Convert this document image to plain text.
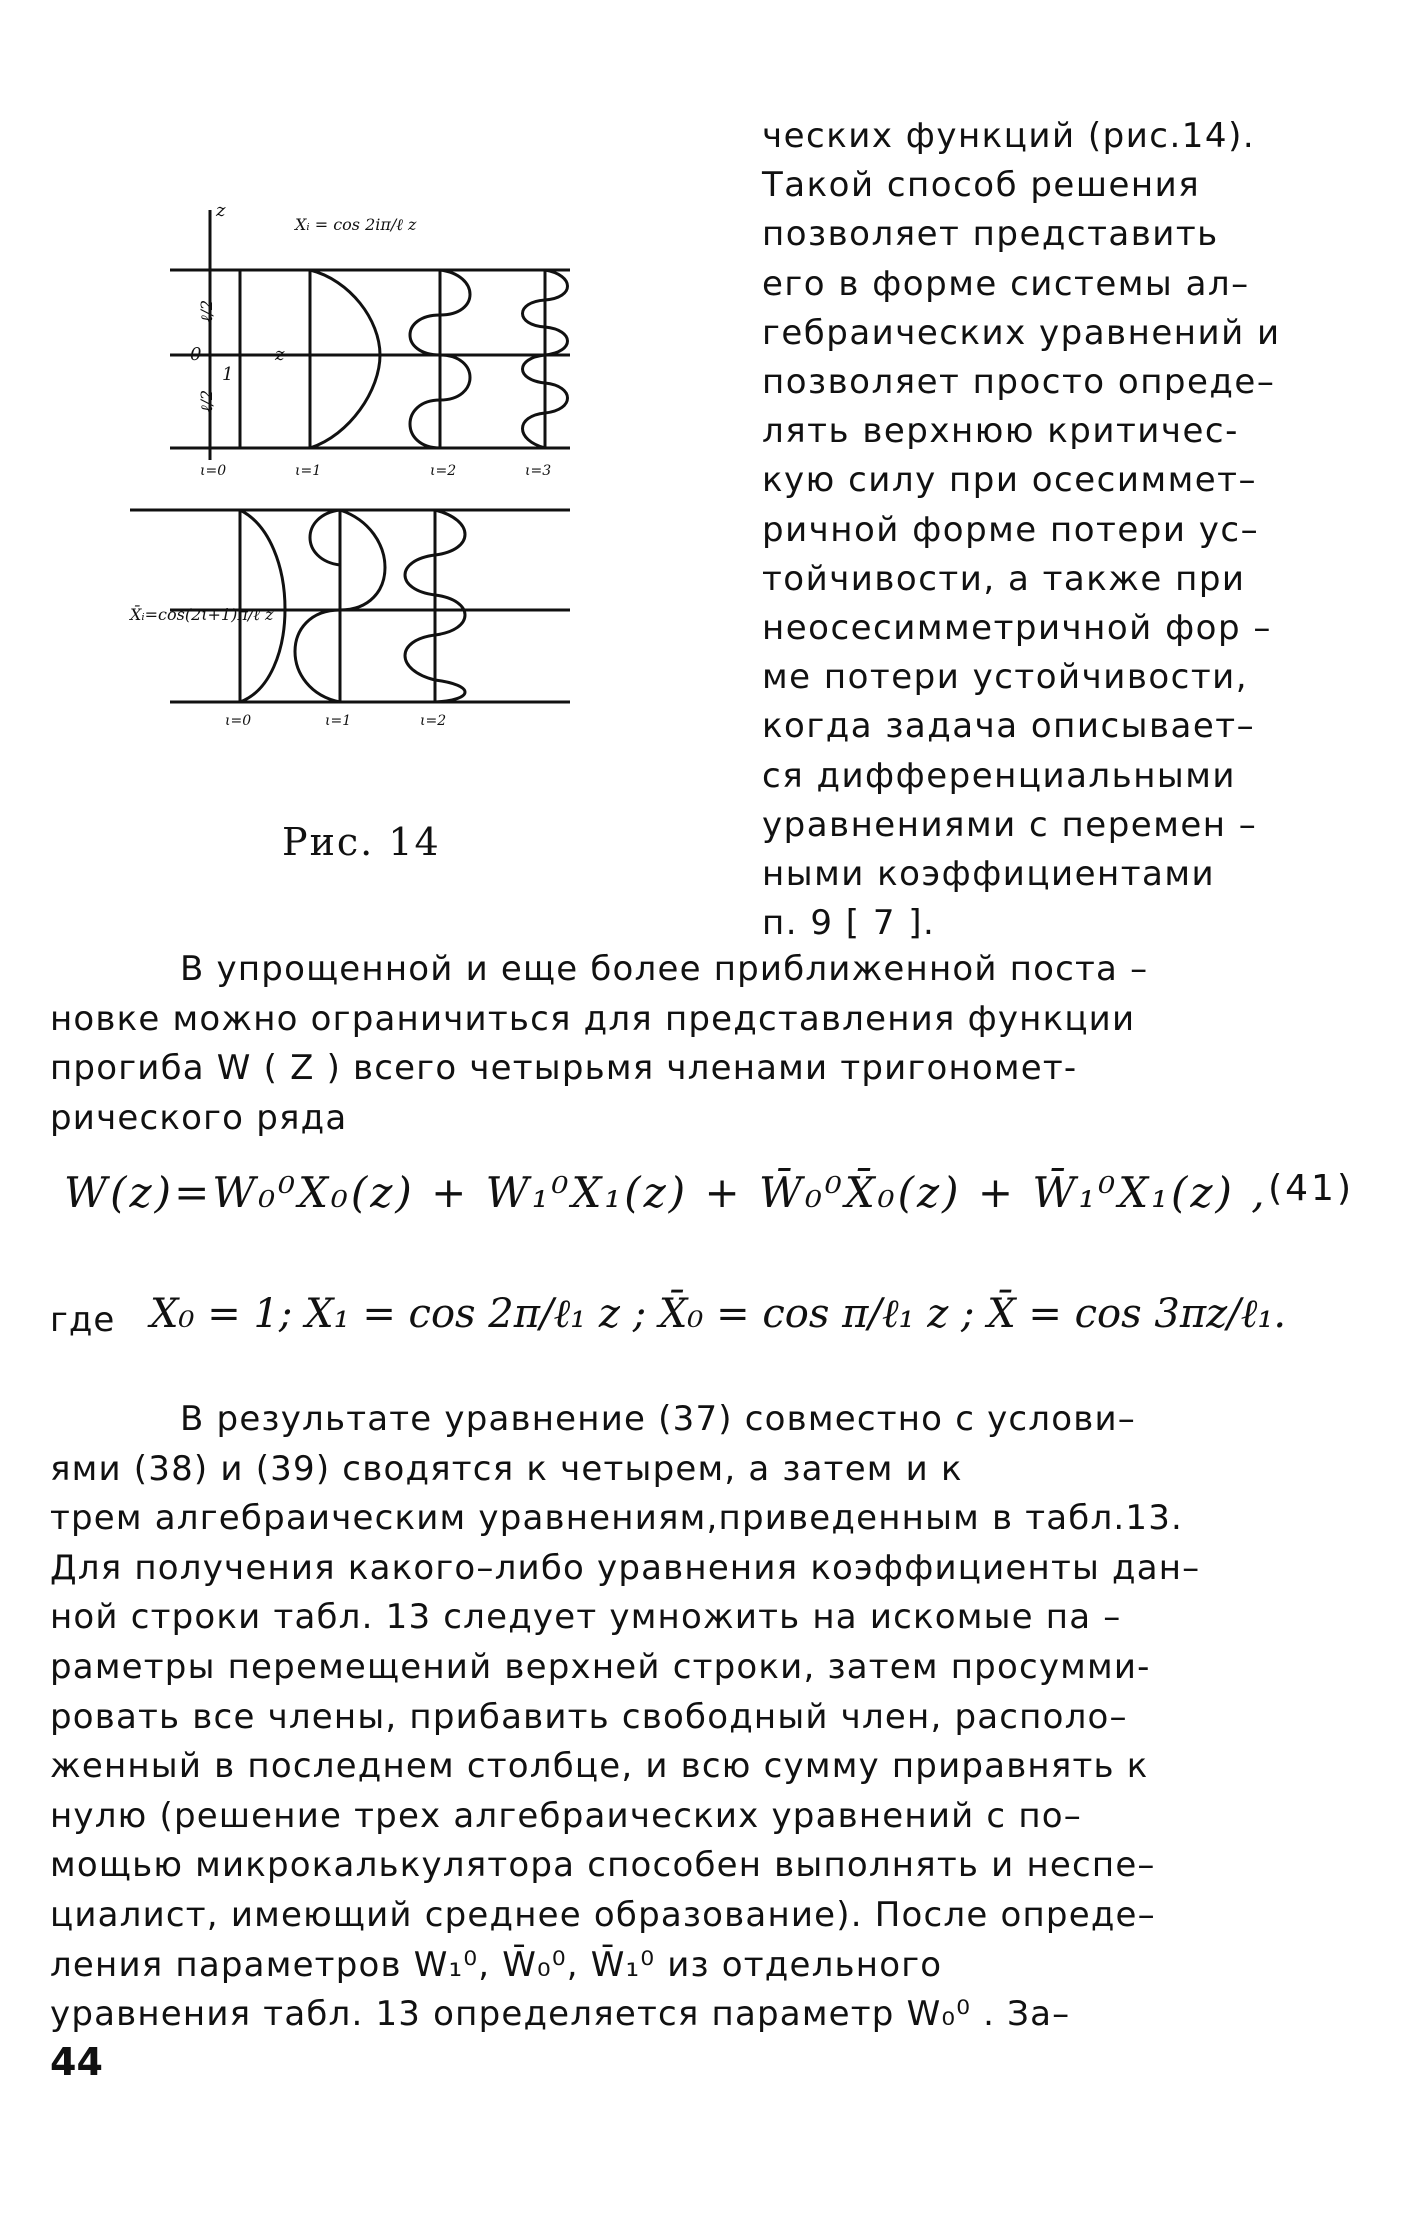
z
Xᵢ = cos 2iπ/ℓ z
ℓ/2
ℓ/2
0	z
1
ι=0	ι=1	ι=2	ι=3
X̄ᵢ=cos(2ι+1)π/ℓ z
ι=0	ι=1	ι=2
Рис. 14
ческих функций (рис.14).
Такой способ решения
позволяет представить
его в форме системы ал–
гебраических уравнений и
позволяет просто опреде–
лять верхнюю критичес-
кую силу при осесиммет–
ричной форме потери ус–
тойчивости, а также при
неосесимметричной фор –
ме потери устойчивости,
когда задача описывает–
ся дифференциальными
уравнениями с перемен –
ными коэффициентами
п. 9 [ 7 ].
В упрощенной и еще более приближенной поста –
новке можно ограничиться для представления функции
прогиба W ( Z ) всего четырьмя членами тригономет-
рического ряда
W(z)=W₀⁰X₀(z) + W₁⁰X₁(z) + W̄₀⁰X̄₀(z) + W̄₁⁰X₁(z) , (41)
где X₀ = 1; X₁ = cos 2π/ℓ₁ z ; X̄₀ = cos π/ℓ₁ z ; X̄ = cos 3πz/ℓ₁.
В результате уравнение (37) совместно с услови–
ями (38) и (39) сводятся к четырем, а затем и к
трем алгебраическим уравнениям,приведенным в табл.13.
Для получения какого–либо уравнения коэффициенты дан–
ной строки табл. 13 следует умножить на искомые па –
раметры перемещений верхней строки, затем просумми-
ровать все члены, прибавить свободный член, располо–
женный в последнем столбце, и всю сумму приравнять к
нулю (решение трех алгебраических уравнений с по–
мощью микрокалькулятора способен выполнять и неспе–
циалист, имеющий среднее образование). После опреде–
ления параметров W₁⁰, W̄₀⁰, W̄₁⁰ из отдельного
уравнения табл. 13 определяется параметр W₀⁰ . За–
44
